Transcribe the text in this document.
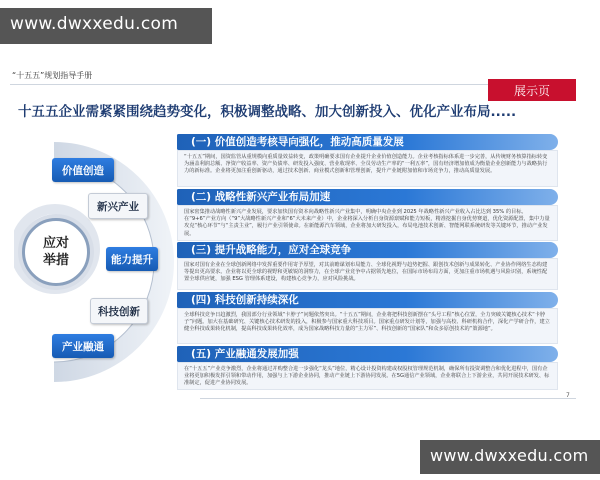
www.dwxxedu.com
“十五五”规划指导手册
展示页
十五五企业需紧紧围绕趋势变化，积极调整战略、加大创新投入、优化产业布局.....
应对
举措
价值创造
新兴产业
能力提升
科技创新
产业融通
(一) 价值创造考核导向强化，推动高质量发展
“十五五”期间，国资监管从重规模向重质量效益转变，政策明确要求国有企业提升企业价值创造能力。企业考核指标体系进一步完善，从传统财务核算指标转变为涵盖利润总额、净资产收益率、资产负债率、研发投入强度、营业收现率、全员劳动生产率的“一利五率”，国有经济增加值成为衡量企业创新能力与战略执行力的新标准。企业将更加注重创新驱动，通过技术创新、商业模式创新和管理创新，提升产业链附加值和市场竞争力，推动高质量发展。
(二) 战略性新兴产业布局加速
国家密集推动战略性新兴产业发展，要求加快国有资本向战略性新兴产业集中，明确中央企业到 2025 年战略性新兴产业收入占比达到 35% 的目标。在“9+6”产业方向（“9”大战略性新兴产业和“6”大未来产业）中，企业将深入分析自身资源禀赋和能力短板，精准挖掘自身优势赛道，优化资源配置，集中力量攻克“核心环节”与“主责主业”，履行产业引领使命。在新能源汽车领域，企业将加大研发投入，布局电池技术创新、智能网联系统研发等关键环节，推动产业发展。
(三) 提升战略能力，应对全球竞争
国家对国有企业在全球创新网络中发挥重要作用寄予厚望，对其前瞻谋划布局能力、全球化视野与趋势把握、跟创技术创新与成果转化、产业协作网络生态构建等提出更高要求。企业将以更全球的视野和更敏锐的洞察力，在全球产业竞争中占据领先地位，在国际市场布局方面，更加注重市场机遇与风险识别，系统性配置全球供应链，加强 ESG 管理体系建设，构建核心竞争力，应对风险挑战。
(四) 科技创新持续深化
全球科技竞争日趋激烈，我国部分行业领域“卡脖子”问题依然突出。“十五五”期间，企业将把科技创新摆在“头号工程”核心位置，全力突破关键核心技术“卡脖子”问题。加大在基础研究、关键核心技术研发的投入，积极参与国家重大科技项目。国家重点研发计划等，加强与高校、科研机构合作，深化产学研合作，建立健全科技成果转化机制，提高科技成果转化效率，成为国家战略科技力量的“主力军”、科技创新的“国家队”和众多原创技术的“策源地”。
(五) 产业融通发展加强
在“十五五”产业竞争激烈，企业将通过并购整合进一步强化“龙头”地位，精心设计投资构建或权股权管理规范机制，确保所有投资调整合和优化进程中，国有企业将更加积极发挥引领和带动作用，加强与上下游企业协同，推动产业链上下游协同发展。在5G通信产业领域，企业将联合上下游企业，共同开展技术研发、标准制定，促进产业协同发展。
7
www.dwxxedu.com
